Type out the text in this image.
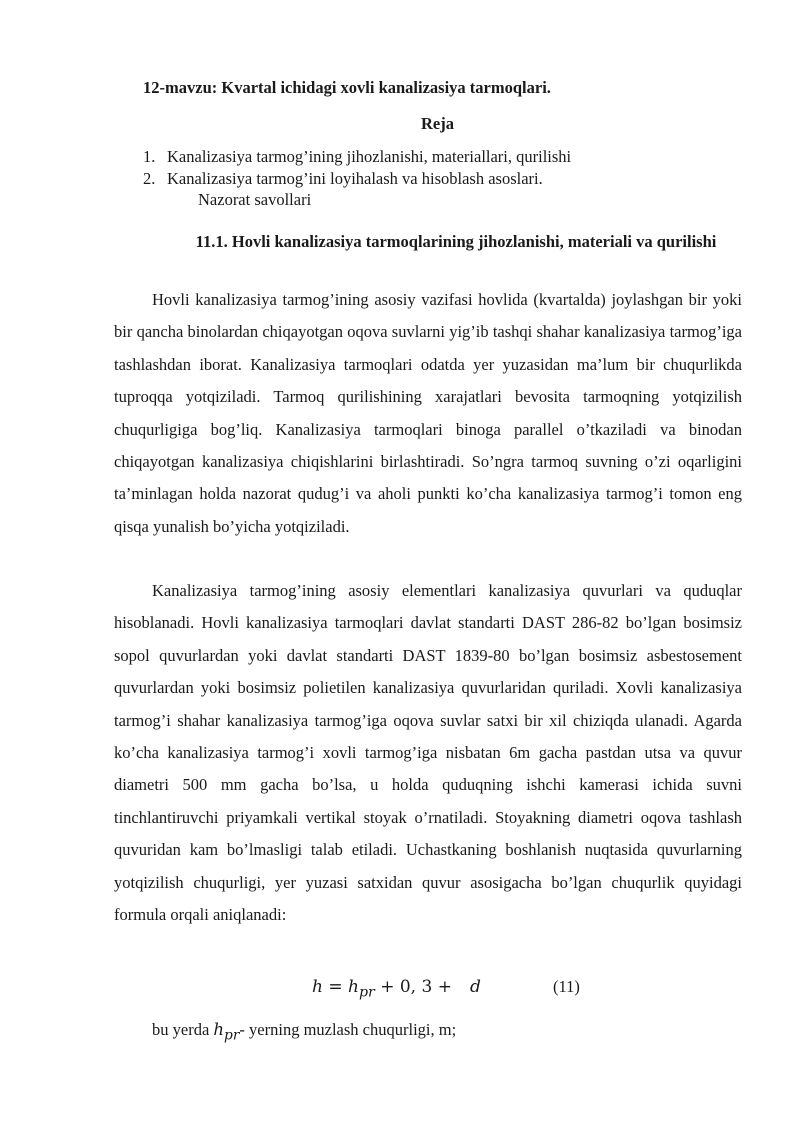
12-mavzu: Kvartal ichidagi xovli kanalizasiya tarmoqlari.
Reja
1. Kanalizasiya tarmog’ining jihozlanishi, materiallari, qurilishi
2. Kanalizasiya tarmog’ini loyihalash va hisoblash asoslari.
Nazorat savollari
11.1. Hovli kanalizasiya tarmoqlarining jihozlanishi, materiali va qurilishi

Hovli kanalizasiya tarmog’ining asosiy vazifasi hovlida (kvartalda) joylashgan bir yoki bir qancha binolardan chiqayotgan oqova suvlarni yig’ib tashqi shahar kanalizasiya tarmog’iga tashlashdan iborat. Kanalizasiya tarmoqlari odatda yer yuzasidan ma’lum bir chuqurlikda tuproqqa yotqiziladi. Tarmoq qurilishining xarajatlari bevosita tarmoqning yotqizilish chuqurligiga bog’liq. Kanalizasiya tarmoqlari binoga parallel o’tkaziladi va binodan chiqayotgan kanalizasiya chiqishlarini birlashtiradi. So’ngra tarmoq suvning o’zi oqarligini ta’minlagan holda nazorat qudug’i va aholi punkti ko’cha kanalizasiya tarmog’i tomon eng qisqa yunalish bo’yicha yotqiziladi.

Kanalizasiya tarmog’ining asosiy elementlari kanalizasiya quvurlari va quduqlar hisoblanadi. Hovli kanalizasiya tarmoqlari davlat standarti DAST 286-82 bo’lgan bosimsiz sopol quvurlardan yoki davlat standarti DAST 1839-80 bo’lgan bosimsiz asbestosement quvurlardan yoki bosimsiz polietilen kanalizasiya quvurlaridan quriladi. Xovli kanalizasiya tarmog’i shahar kanalizasiya tarmog’iga oqova suvlar satxi bir xil chiziqda ulanadi. Agarda ko’cha kanalizasiya tarmog’i xovli tarmog’iga nisbatan 6m gacha pastdan utsa va quvur diametri 500 mm gacha bo’lsa, u holda quduqning ishchi kamerasi ichida suvni tinchlantiruvchi priyamkali vertikal stoyak o’rnatiladi. Stoyakning diametri oqova tashlash quvuridan kam bo’lmasligi talab etiladi. Uchastkaning boshlanish nuqtasida quvurlarning yotqizilish chuqurligi, yer yuzasi satxidan quvur asosigacha bo’lgan chuqurlik quyidagi formula orqali aniqlanadi:

$h = h_{pr} + 0$, 3 + d	(11)
bu yerda $h_{pr}-$ yerning muzlash chuqurligi, m;
